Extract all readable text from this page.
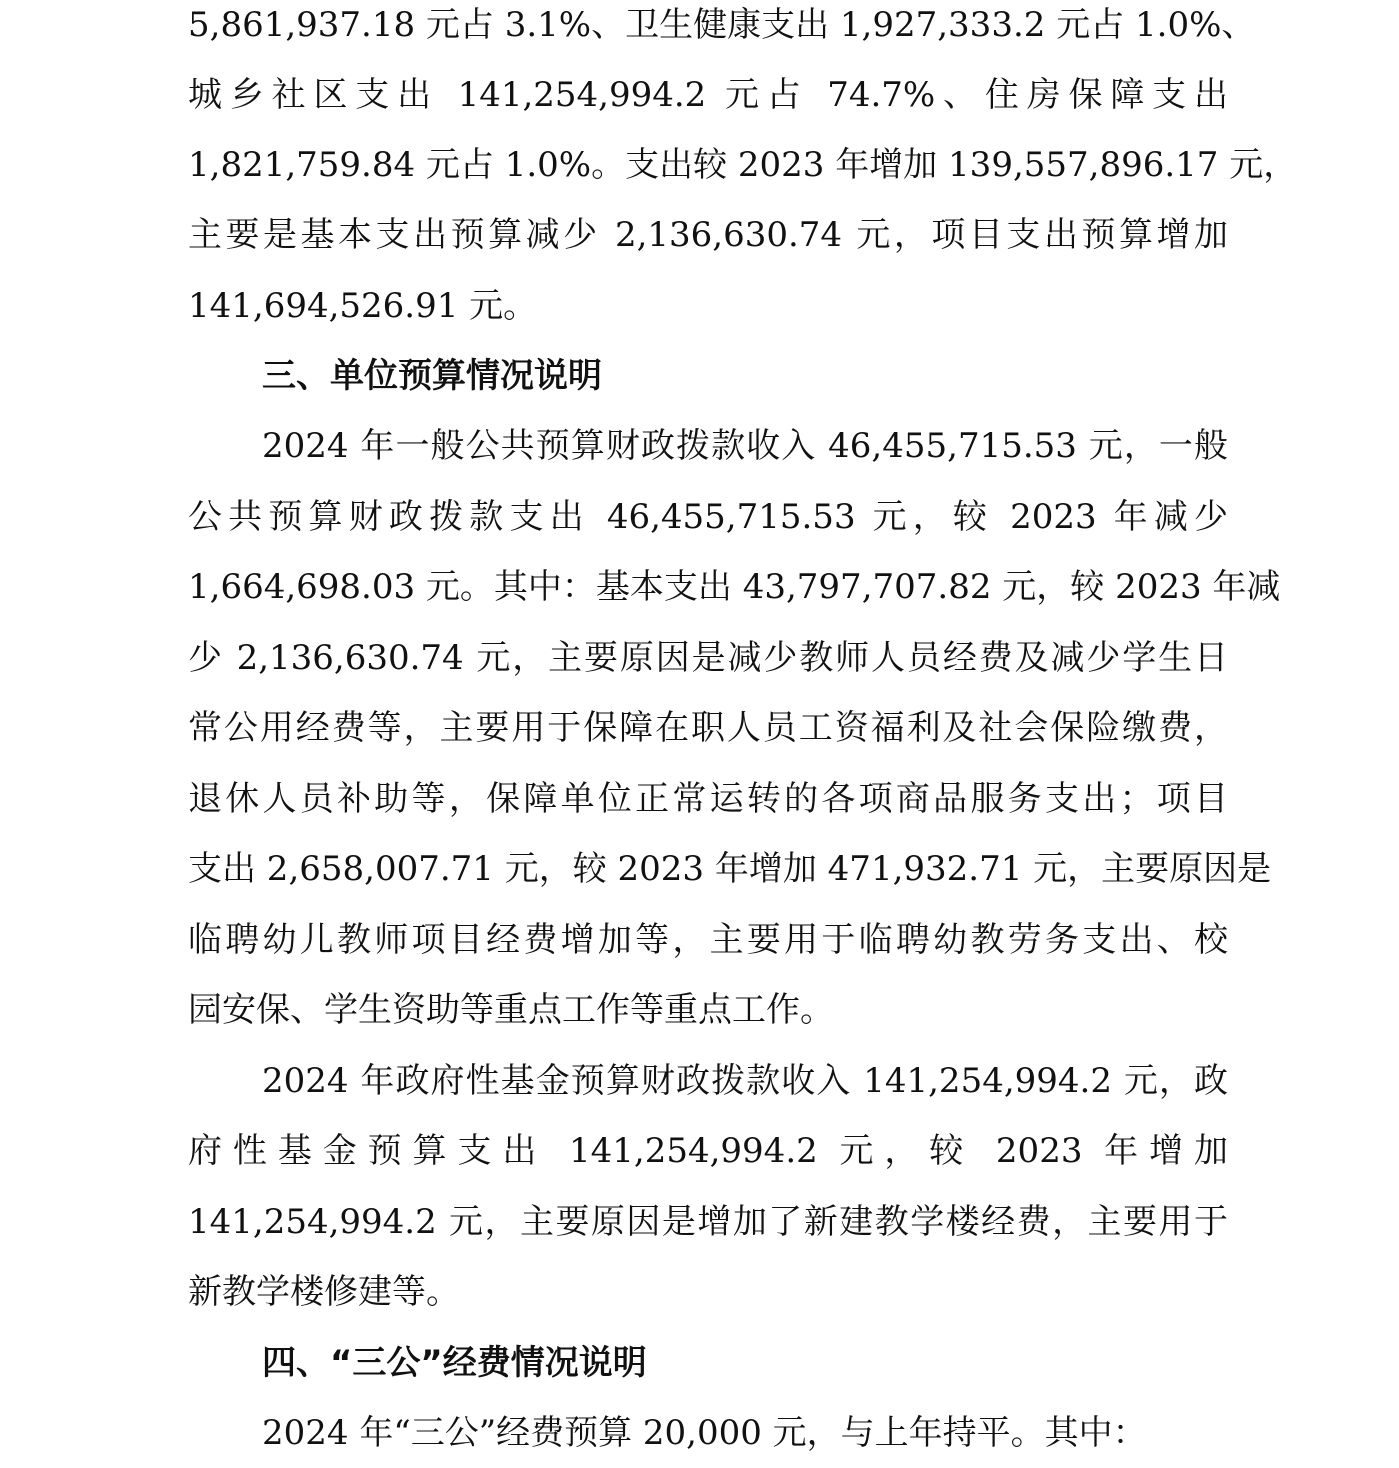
5,861,937.18 元占 3.1%、卫生健康支出 1,927,333.2 元占 1.0%、
城乡社区支出 141,254,994.2 元占 74.7%、住房保障支出
1,821,759.84 元占 1.0%。支出较 2023 年增加 139,557,896.17 元，
主要是基本支出预算减少 2,136,630.74 元，项目支出预算增加
141,694,526.91 元。
三、单位预算情况说明
2024 年一般公共预算财政拨款收入 46,455,715.53 元，一般
公共预算财政拨款支出 46,455,715.53 元，较 2023 年减少
1,664,698.03 元。其中：基本支出 43,797,707.82 元，较 2023 年减
少 2,136,630.74 元，主要原因是减少教师人员经费及减少学生日
常公用经费等，主要用于保障在职人员工资福利及社会保险缴费，
退休人员补助等，保障单位正常运转的各项商品服务支出；项目
支出 2,658,007.71 元，较 2023 年增加 471,932.71 元，主要原因是
临聘幼儿教师项目经费增加等，主要用于临聘幼教劳务支出、校
园安保、学生资助等重点工作等重点工作。
2024 年政府性基金预算财政拨款收入 141,254,994.2 元，政
府性基金预算支出 141,254,994.2 元，较 2023 年增加
141,254,994.2 元，主要原因是增加了新建教学楼经费，主要用于
新教学楼修建等。
四、“三公”经费情况说明
2024 年“三公”经费预算 20,000 元，与上年持平。其中：
